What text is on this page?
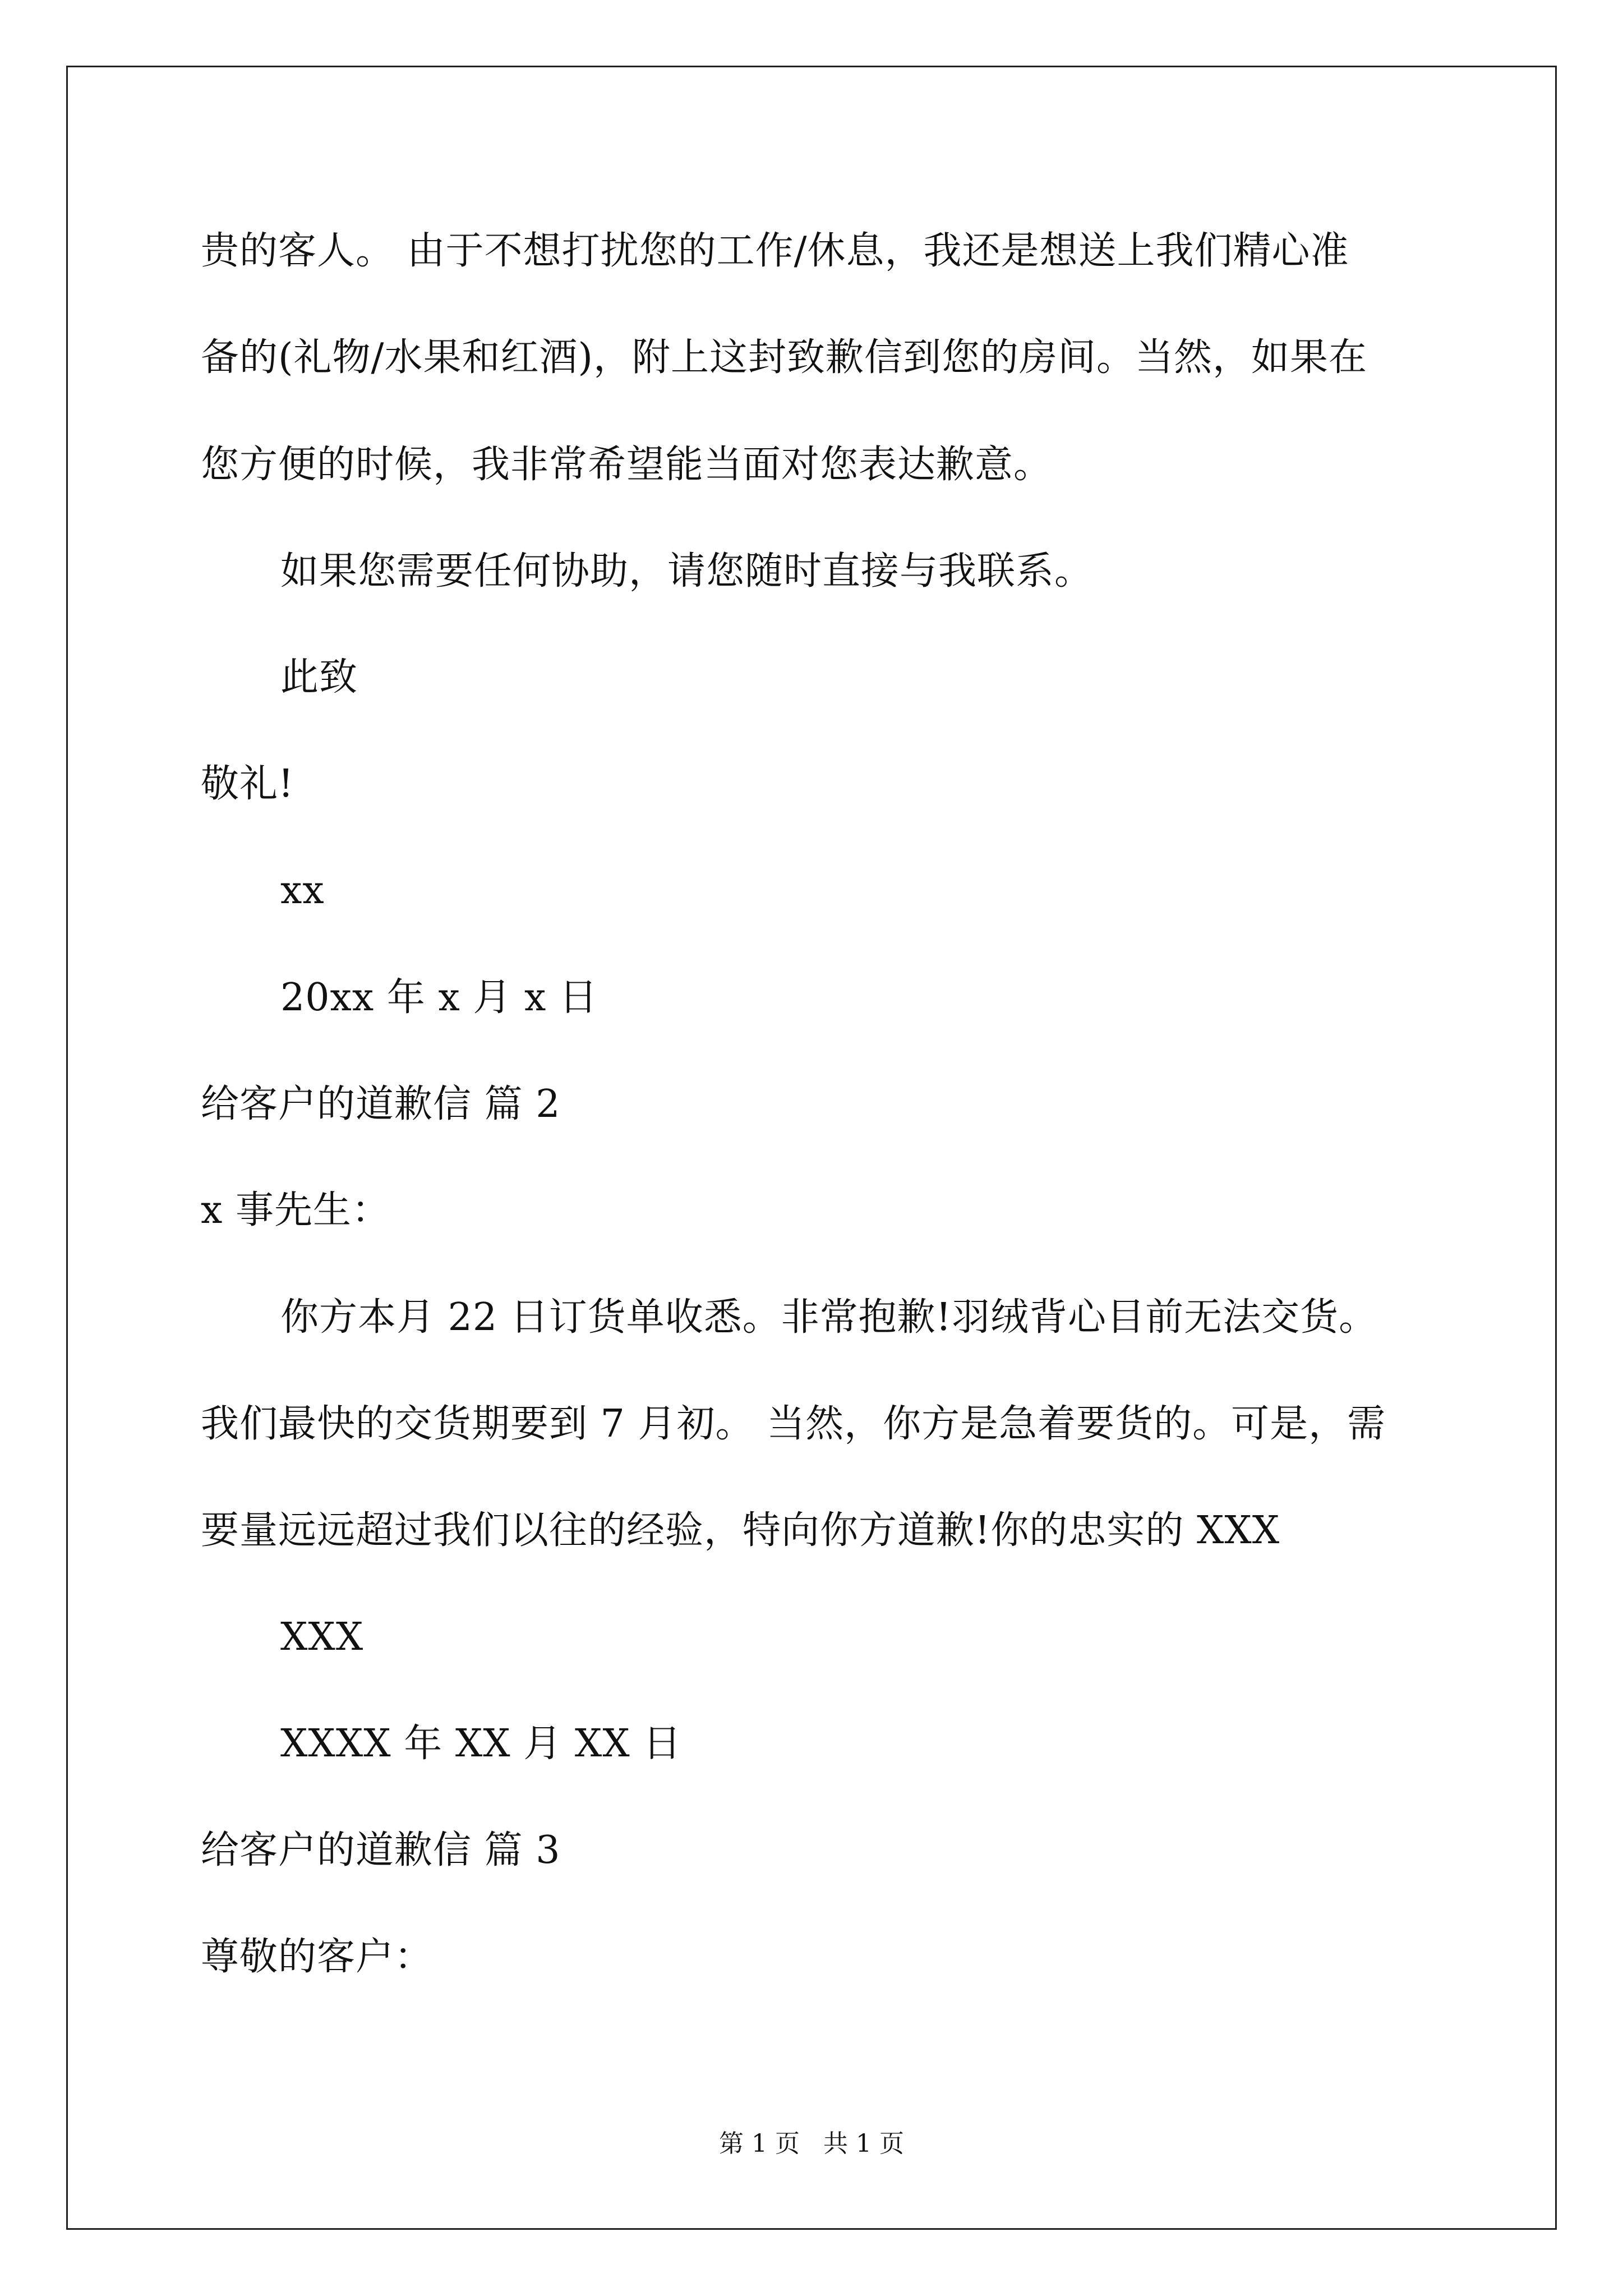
贵的客人。 由于不想打扰您的工作/休息，我还是想送上我们精心准
备的(礼物/水果和红酒)，附上这封致歉信到您的房间。当然，如果在
您方便的时候，我非常希望能当面对您表达歉意。
如果您需要任何协助，请您随时直接与我联系。
此致
敬礼!
xx
20xx 年 x 月 x 日
给客户的道歉信 篇 2
x 事先生：
你方本月 22 日订货单收悉。非常抱歉!羽绒背心目前无法交货。
我们最快的交货期要到 7 月初。 当然，你方是急着要货的。可是，需
要量远远超过我们以往的经验，特向你方道歉!你的忠实的 XXX
XXX
XXXX 年 XX 月 XX 日
给客户的道歉信 篇 3
尊敬的客户：
第 1 页   共 1 页
